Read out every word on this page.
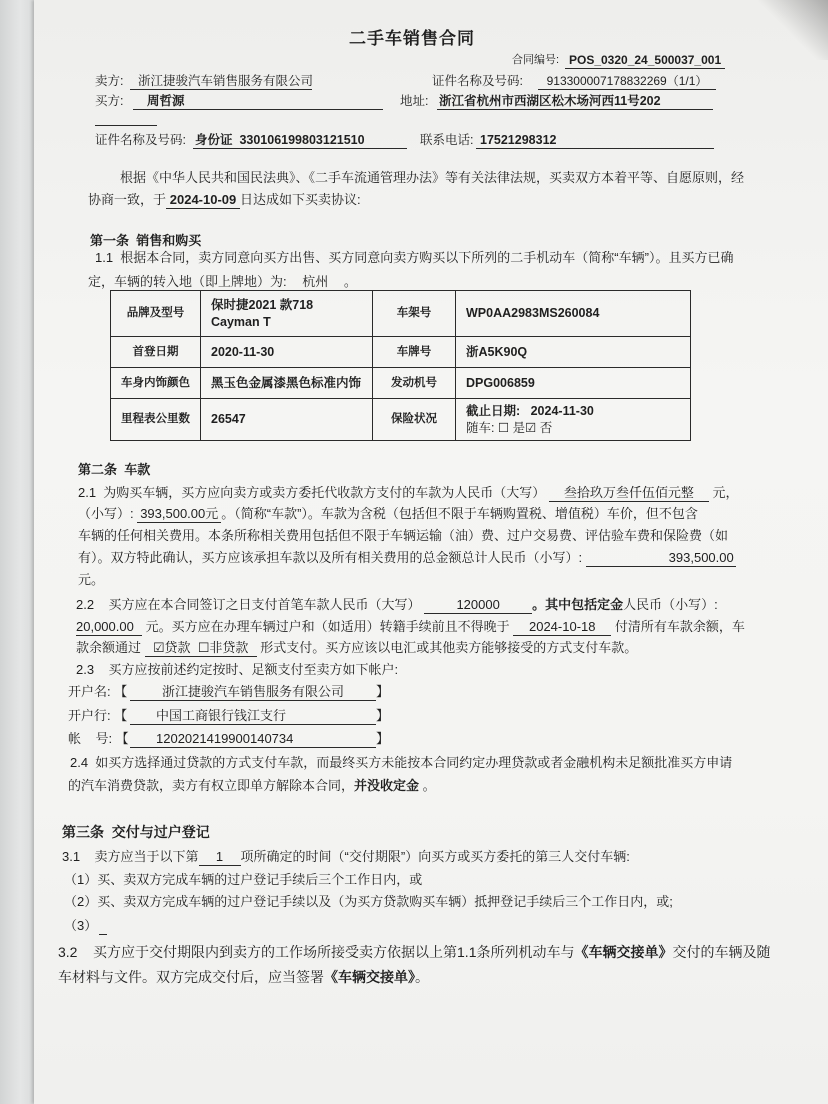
二手车销售合同
合同编号: POS_0320_24_500037_001
卖方:	浙江捷骏汽车销售服务有限公司	证件名称及号码:	913300007178832269（1/1）
买方:	周哲源	地址: 浙江省杭州市西湖区松木场河西11号202
证件名称及号码: 身份证  330106199803121510	联系电话: 17521298312
根据《中华人民共和国民法典》、《二手车流通管理办法》等有关法律法规，买卖双方本着平等、自愿原则，经
协商一致，于 2024-10-09 日达成如下买卖协议:
第一条  销售和购买
1.1  根据本合同，卖方同意向买方出售、买方同意向卖方购买以下所列的二手机动车（简称“车辆”）。且买方已确
定，车辆的转入地（即上牌地）为: 杭州 。
品牌及型号	保时捷2021 款718
Cayman T	车架号	WP0AA2983MS260084
首登日期	2020-11-30	车牌号	浙A5K90Q
车身内饰颜色	黑玉色金属漆黑色标准内饰	发动机号	DPG006859
里程表公里数	26547	保险状况	截止日期:   2024-11-30
随车: ☐ 是☑ 否
第二条  车款
2.1  为购买车辆，买方应向卖方或卖方委托代收款方支付的车款为人民币（大写） 叁拾玖万叁仟伍佰元整 元，
（小写）: 393,500.00元 。（简称“车款”）。车款为含税（包括但不限于车辆购置税、增值税）车价，但不包含
车辆的任何相关费用。本条所称相关费用包括但不限于车辆运输（油）费、过户交易费、评估验车费和保险费（如
有）。双方特此确认，买方应该承担车款以及所有相关费用的总金额总计人民币（小写）:	393,500.00
元。
2.2    买方应在本合同签订之日支付首笔车款人民币（大写） 120000 。其中包括定金人民币（小写）:
20,000.00 元。买方应在办理车辆过户和（如适用）转籍手续前且不得晚于 2024-10-18 付清所有车款余额，车
款余额通过 ☑贷款  ☐非贷款 形式支付。买方应该以电汇或其他卖方能够接受的方式支付车款。
2.3    买方应按前述约定按时、足额支付至卖方如下帐户:
开户名: 【	浙江捷骏汽车销售服务有限公司 】
开户行: 【 中国工商银行钱江支行	】
帐    号: 【 1202021419900140734	】
2.4  如买方选择通过贷款的方式支付车款，而最终买方未能按本合同约定办理贷款或者金融机构未足额批准买方申请
的汽车消费贷款，卖方有权立即单方解除本合同，并没收定金 。
第三条  交付与过户登记
3.1    卖方应当于以下第 1 项所确定的时间（“交付期限”）向买方或买方委托的第三人交付车辆:
（1）买、卖双方完成车辆的过户登记手续后三个工作日内，或
（2）买、卖双方完成车辆的过户登记手续以及（为买方贷款购买车辆）抵押登记手续后三个工作日内，或;
（3）
3.2    买方应于交付期限内到卖方的工作场所接受卖方依据以上第1.1条所列机动车与《车辆交接单》交付的车辆及随
车材料与文件。双方完成交付后，应当签署《车辆交接单》。
